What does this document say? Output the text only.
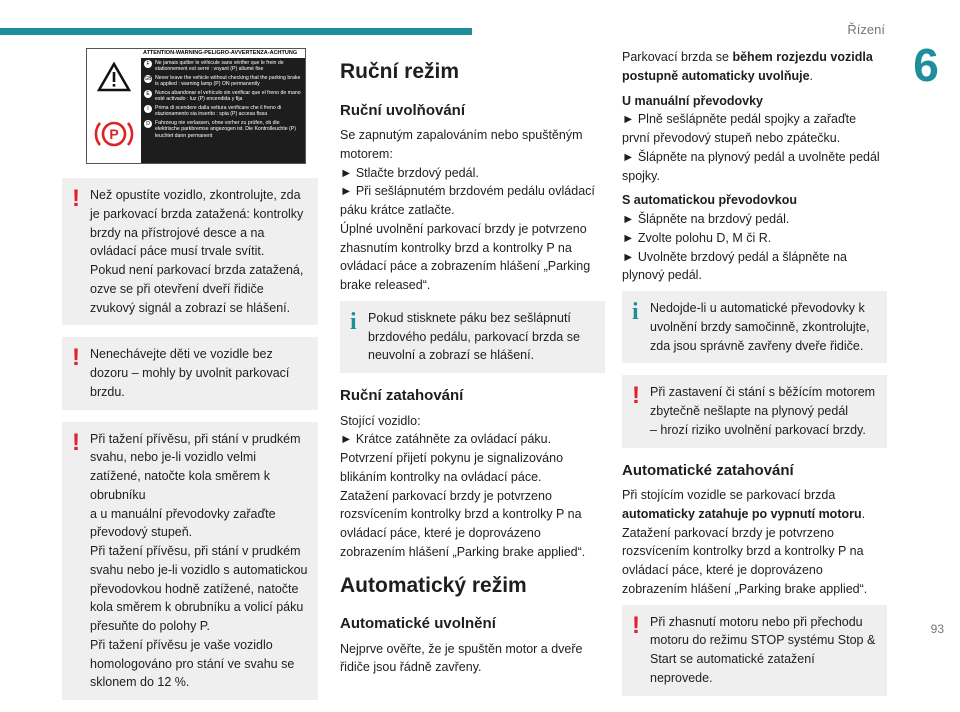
Řízení
6
93
P
ATTENTION-WARNING-PELIGRO-AVVERTENZA-ACHTUNG
F	Ne jamais quitter le véhicule sans vérifier que le frein de stationnement est serré : voyant (P) allumé fixe
GB Never leave the vehicle without checking that the parking brake is applied : warning lamp (P) ON permanently
E	Nunca abandonar el vehículo sin verificar que el freno de mano esté activado : luz (P) encendida y fija
I	Prima di scendere dalla vettura verificare che il freno di stazionamento sia inserito : spia (P) accesa fissa
D Fahrzeug nie verlassen, ohne vorher zu prüfen, ob die elektrische parkbremse angezogen ist. Die Kontrolleuchte (P) leuchtet dann permanent
! Než opustíte vozidlo, zkontrolujte, zda je parkovací brzda zatažená: kontrolky brzdy na přístrojové desce a na ovládací páce musí trvale svítit.
Pokud není parkovací brzda zatažená, ozve se při otevření dveří řidiče zvukový signál a zobrazí se hlášení.

! Nenechávejte děti ve vozidle bez dozoru – mohly by uvolnit parkovací brzdu.

! Při tažení přívěsu, při stání v prudkém svahu, nebo je-li vozidlo velmi zatížené, natočte kola směrem k obrubníku
a u manuální převodovky zařaďte převodový stupeň.
Při tažení přívěsu, při stání v prudkém svahu nebo je-li vozidlo s automatickou převodovkou hodně zatížené, natočte kola směrem k obrubníku a volicí páku přesuňte do polohy P.
Při tažení přívěsu je vaše vozidlo homologováno pro stání ve svahu se sklonem do 12 %.

Ruční režim
Ruční uvolňování

Se zapnutým zapalováním nebo spuštěným motorem:
► Stlačte brzdový pedál.
► Při sešlápnutém brzdovém pedálu ovládací páku krátce zatlačte.
Úplné uvolnění parkovací brzdy je potvrzeno zhasnutím kontrolky brzd a kontrolky P na ovládací páce a zobrazením hlášení „Parking brake released“.

i Pokud stisknete páku bez sešlápnutí brzdového pedálu, parkovací brzda se neuvolní a zobrazí se hlášení.

Ruční zatahování

Stojící vozidlo:
► Krátce zatáhněte za ovládací páku.
Potvrzení přijetí pokynu je signalizováno blikáním kontrolky na ovládací páce.
Zatažení parkovací brzdy je potvrzeno rozsvícením kontrolky brzd a kontrolky P na ovládací páce, které je doprovázeno zobrazením hlášení „Parking brake applied“.

Automatický režim
Automatické uvolnění

Nejprve ověřte, že je spuštěn motor a dveře řidiče jsou řádně zavřeny.

Parkovací brzda se během rozjezdu vozidla postupně automaticky uvolňuje.

U manuální převodovky

► Plně sešlápněte pedál spojky a zařaďte první převodový stupeň nebo zpátečku.
► Šlápněte na plynový pedál a uvolněte pedál spojky.

S automatickou převodovkou

► Šlápněte na brzdový pedál.
► Zvolte polohu D, M či R.
► Uvolněte brzdový pedál a šlápněte na plynový pedál.

i Nedojde-li u automatické převodovky k uvolnění brzdy samočinně, zkontrolujte, zda jsou správně zavřeny dveře řidiče.

! Při zastavení či stání s běžícím motorem zbytečně nešlapte na plynový pedál
– hrozí riziko uvolnění parkovací brzdy.

Automatické zatahování

Při stojícím vozidle se parkovací brzda automaticky zatahuje po vypnutí motoru.
Zatažení parkovací brzdy je potvrzeno rozsvícením kontrolky brzd a kontrolky P na ovládací páce, které je doprovázeno zobrazením hlášení „Parking brake applied“.

! Při zhasnutí motoru nebo při přechodu motoru do režimu STOP systému Stop & Start se automatické zatažení neprovede.
